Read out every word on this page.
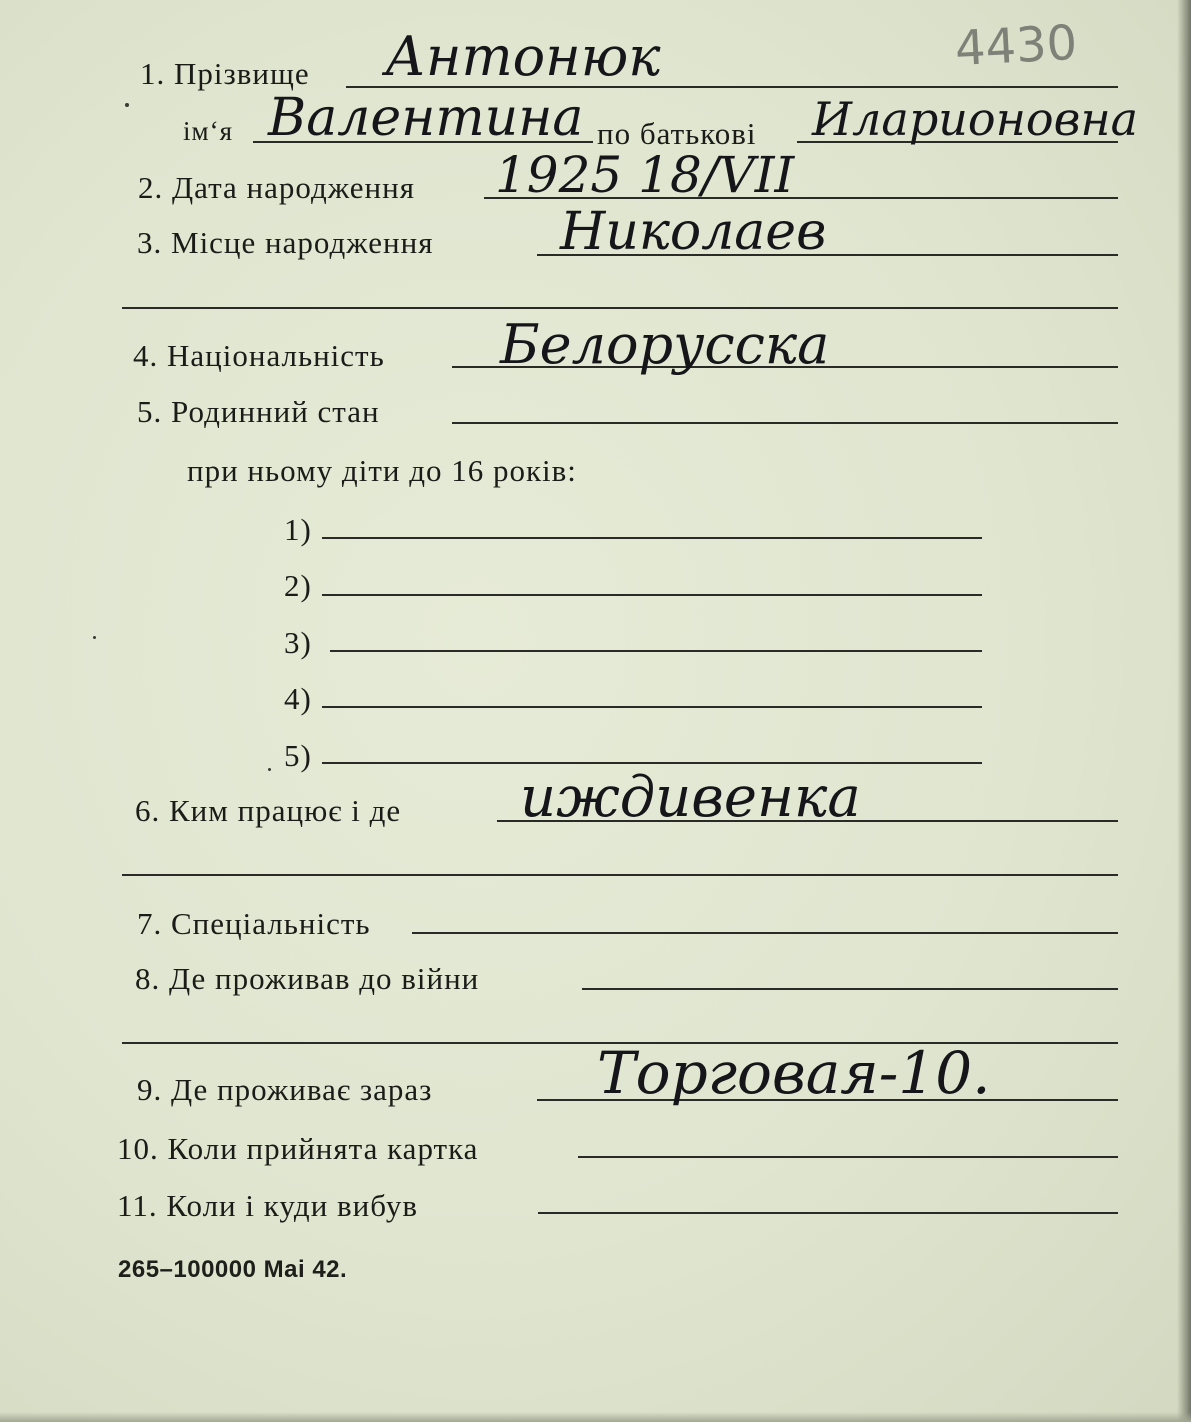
4430
1. Прізвище Антонюк
ім‘я Валентина по батькові Иларионовна
2. Дата народження 1925 18/VII
3. Місце народження Николаев
4. Національність Белорусска
5. Родинний стан
при ньому діти до 16 років:
1)
2)
3)
4)
5)
6. Ким працює і де иждивенка
7. Спеціальність
8. Де проживав до війни
9. Де проживає зараз	Торговая-10.
10. Коли прийнята картка
11. Коли і куди вибув
265–100000 Mai 42.
